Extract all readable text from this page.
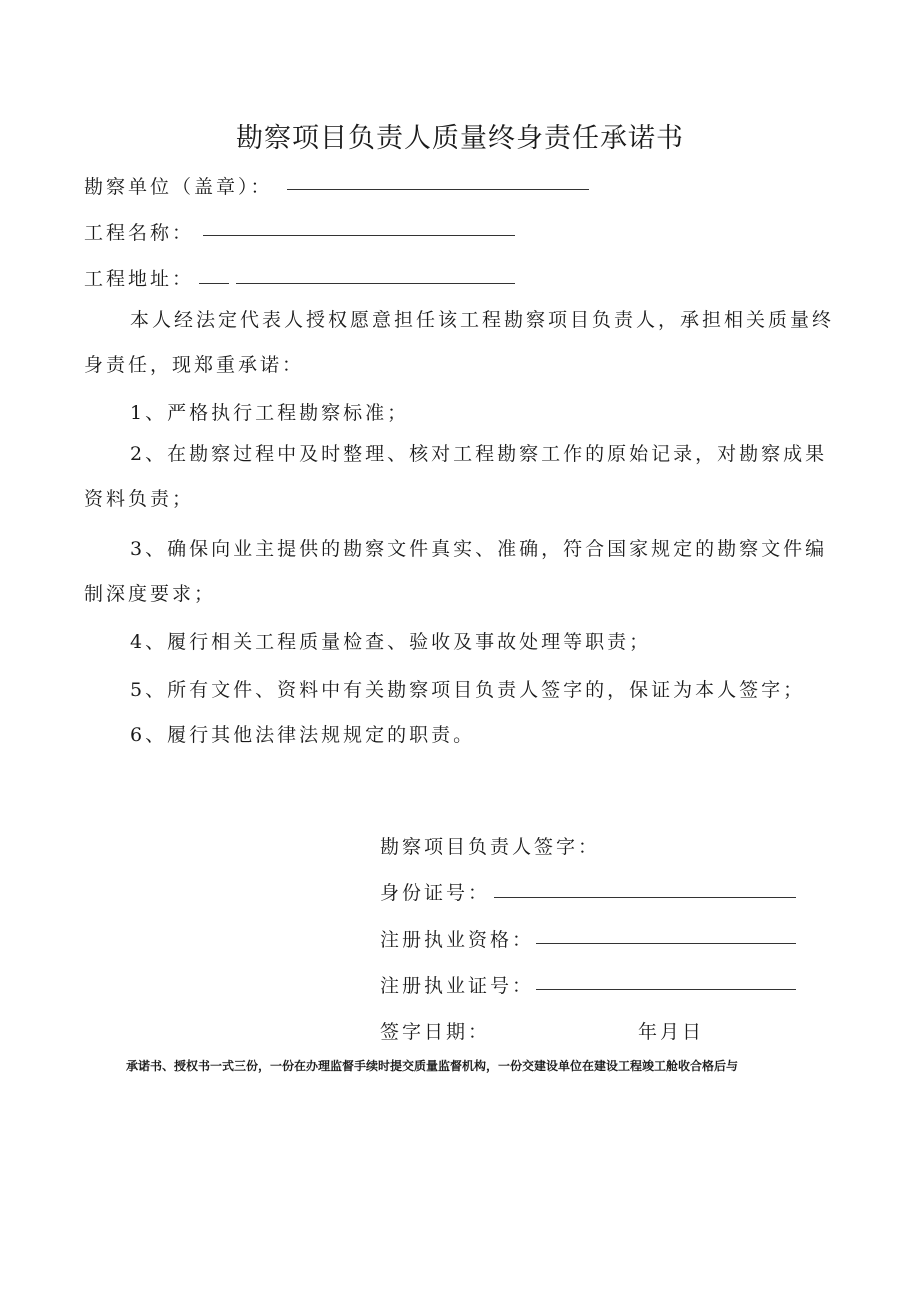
勘察项目负责人质量终身责任承诺书
勘察单位（盖章）：
工程名称：
工程地址：
本人经法定代表人授权愿意担任该工程勘察项目负责人，承担相关质量终身责任，现郑重承诺：
1、严格执行工程勘察标准；
2、在勘察过程中及时整理、核对工程勘察工作的原始记录，对勘察成果资料负责；
3、确保向业主提供的勘察文件真实、准确，符合国家规定的勘察文件编制深度要求；
4、履行相关工程质量检查、验收及事故处理等职责；
5、所有文件、资料中有关勘察项目负责人签字的，保证为本人签字；
6、履行其他法律法规规定的职责。
勘察项目负责人签字：
身份证号：
注册执业资格：
注册执业证号：
签字日期：	年月日
承诺书、授权书一式三份，一份在办理监督手续时提交质量监督机构，一份交建设单位在建设工程竣工舱收合格后与
